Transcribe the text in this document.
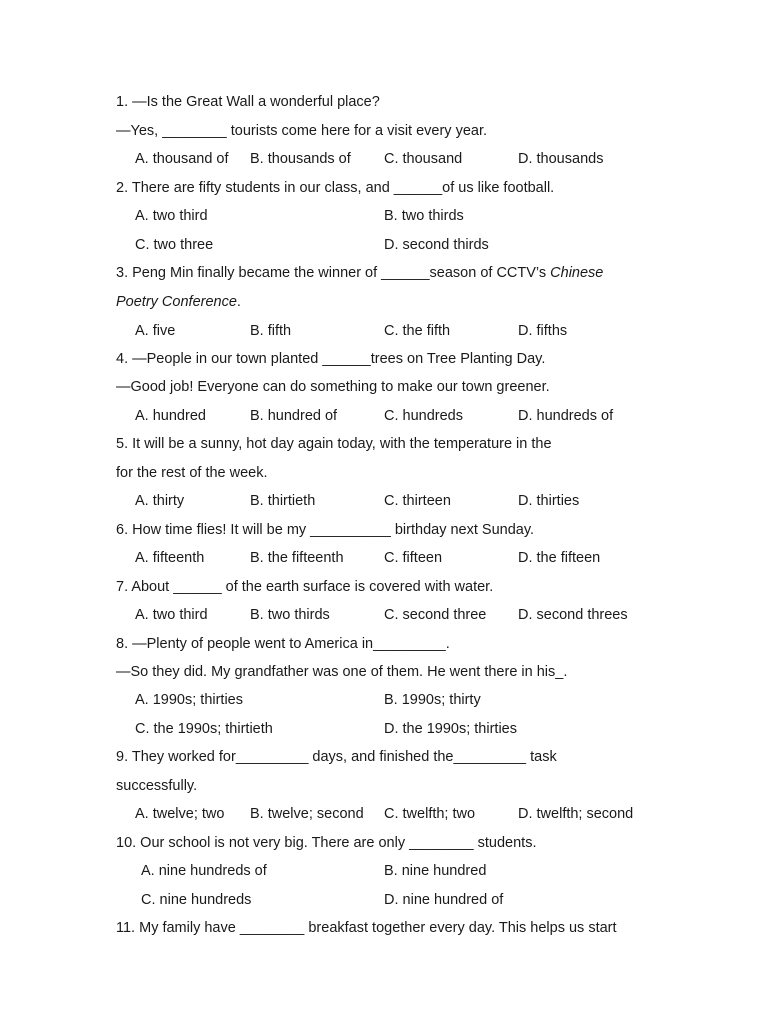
1. —Is the Great Wall a wonderful place?
—Yes, ________ tourists come here for a visit every year.
A. thousand of B. thousands of C. thousand	D. thousands
2. There are fifty students in our class, and ______of us like football.
A. two third	B. two thirds
C. two three	D. second thirds
3. Peng Min finally became the winner of ______season of CCTV’s Chinese
Poetry Conference.
A. five	B. fifth	C. the fifth	D. fifths
4. —People in our town planted ______trees on Tree Planting Day.
—Good job! Everyone can do something to make our town greener.
A. hundred	B. hundred of	C. hundreds	D. hundreds of
5. It will be a sunny, hot day again today, with the temperature in the
for the rest of the week.
A. thirty	B. thirtieth	C. thirteen	D. thirties
6. How time flies! It will be my __________ birthday next Sunday.
A. fifteenth	B. the fifteenth	C. fifteen	D. the fifteen
7. About ______ of the earth surface is covered with water.
A. two third	B. two thirds	C. second three D. second threes
8. —Plenty of people went to America in_________.
—So they did. My grandfather was one of them. He went there in his_.
A. 1990s; thirties	B. 1990s; thirty
C. the 1990s; thirtieth	D. the 1990s; thirties
9. They worked for_________ days, and finished the_________ task
successfully.
A. twelve; two B. twelve; second C. twelfth; two	D. twelfth; second
10. Our school is not very big. There are only ________ students.
A. nine hundreds of	B. nine hundred
C. nine hundreds	D. nine hundred of
11. My family have ________ breakfast together every day. This helps us start
